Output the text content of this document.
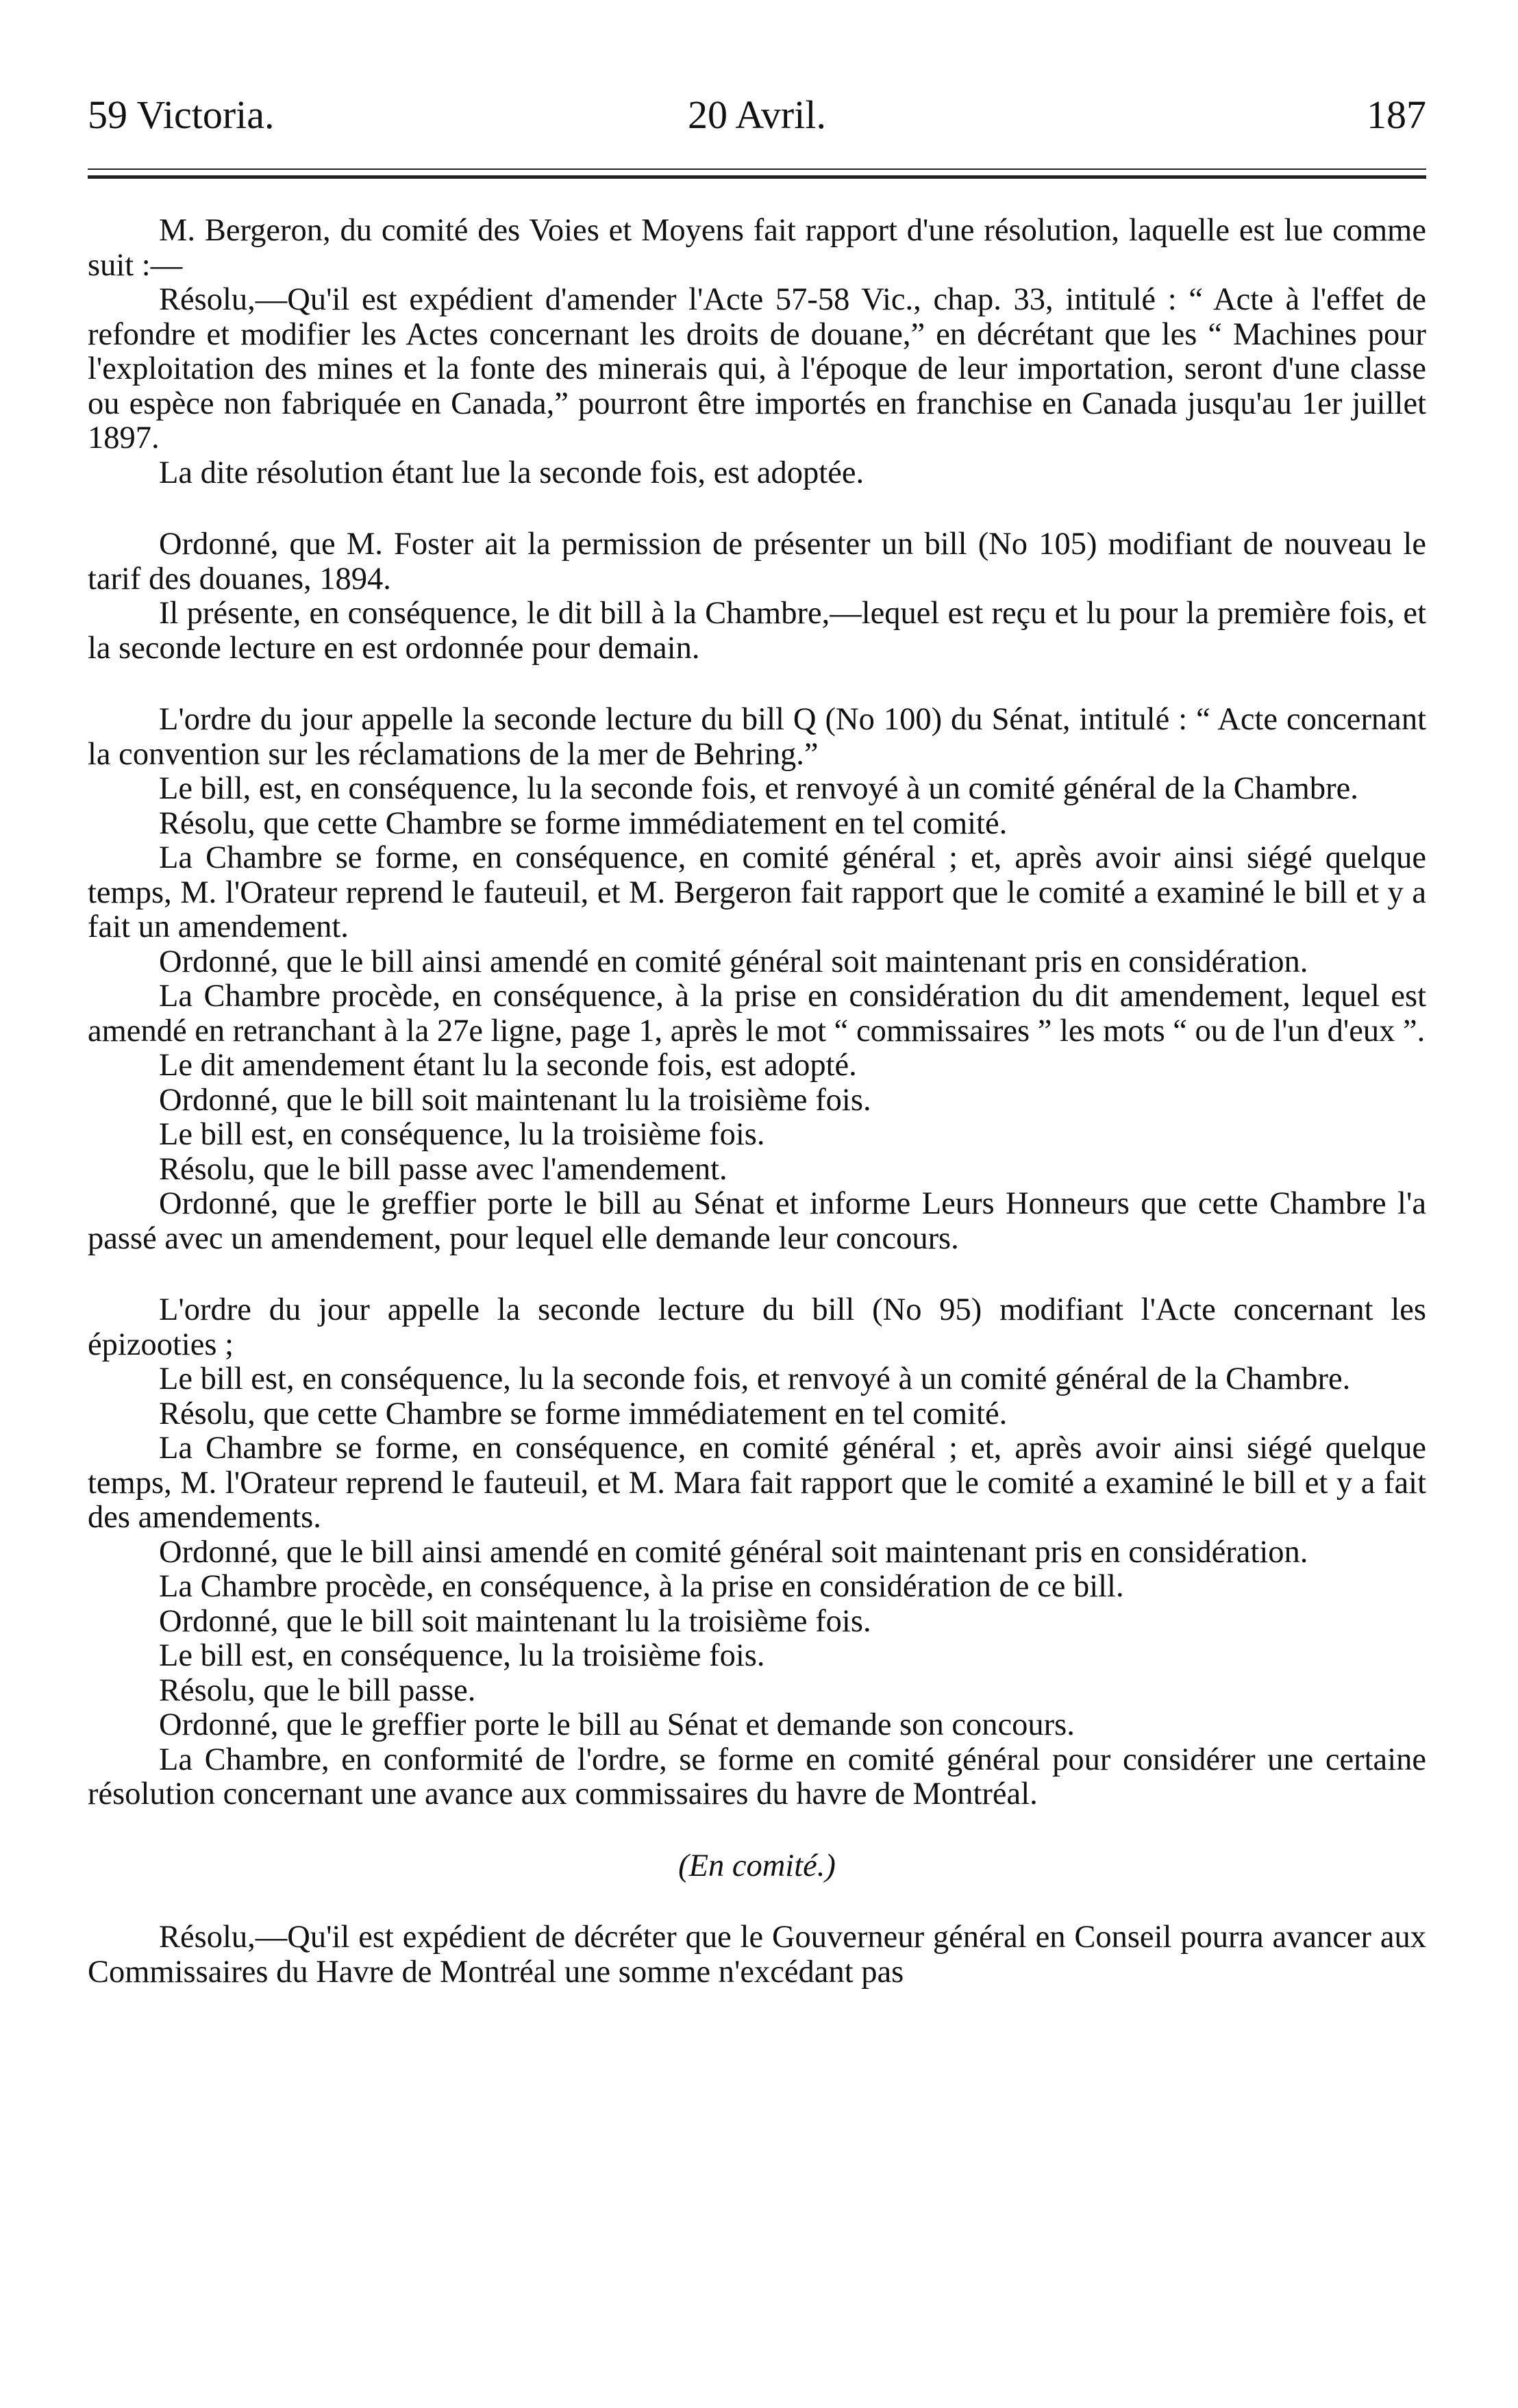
59 Victoria.	20 Avril.	187

M. Bergeron, du comité des Voies et Moyens fait rapport d'une résolution, laquelle est lue comme suit :—

Résolu,—Qu'il est expédient d'amender l'Acte 57-58 Vic., chap. 33, intitulé : “ Acte à l'effet de refondre et modifier les Actes concernant les droits de douane,” en décrétant que les “ Machines pour l'exploitation des mines et la fonte des minerais qui, à l'époque de leur importation, seront d'une classe ou espèce non fabriquée en Canada,” pourront être importés en franchise en Canada jusqu'au 1er juillet 1897.

La dite résolution étant lue la seconde fois, est adoptée.

Ordonné, que M. Foster ait la permission de présenter un bill (No 105) modifiant de nouveau le tarif des douanes, 1894.

Il présente, en conséquence, le dit bill à la Chambre,—lequel est reçu et lu pour la première fois, et la seconde lecture en est ordonnée pour demain.

L'ordre du jour appelle la seconde lecture du bill Q (No 100) du Sénat, intitulé : “ Acte concernant la convention sur les réclamations de la mer de Behring.”

Le bill, est, en conséquence, lu la seconde fois, et renvoyé à un comité général de la Chambre.

Résolu, que cette Chambre se forme immédiatement en tel comité.

La Chambre se forme, en conséquence, en comité général ; et, après avoir ainsi siégé quelque temps, M. l'Orateur reprend le fauteuil, et M. Bergeron fait rapport que le comité a examiné le bill et y a fait un amendement.

Ordonné, que le bill ainsi amendé en comité général soit maintenant pris en considération.

La Chambre procède, en conséquence, à la prise en considération du dit amendement, lequel est amendé en retranchant à la 27e ligne, page 1, après le mot “ commissaires ” les mots “ ou de l'un d'eux ”.

Le dit amendement étant lu la seconde fois, est adopté.

Ordonné, que le bill soit maintenant lu la troisième fois.

Le bill est, en conséquence, lu la troisième fois.

Résolu, que le bill passe avec l'amendement.

Ordonné, que le greffier porte le bill au Sénat et informe Leurs Honneurs que cette Chambre l'a passé avec un amendement, pour lequel elle demande leur concours.

L'ordre du jour appelle la seconde lecture du bill (No 95) modifiant l'Acte concernant les épizooties ;

Le bill est, en conséquence, lu la seconde fois, et renvoyé à un comité général de la Chambre.

Résolu, que cette Chambre se forme immédiatement en tel comité.

La Chambre se forme, en conséquence, en comité général ; et, après avoir ainsi siégé quelque temps, M. l'Orateur reprend le fauteuil, et M. Mara fait rapport que le comité a examiné le bill et y a fait des amendements.

Ordonné, que le bill ainsi amendé en comité général soit maintenant pris en considération.

La Chambre procède, en conséquence, à la prise en considération de ce bill.

Ordonné, que le bill soit maintenant lu la troisième fois.

Le bill est, en conséquence, lu la troisième fois.

Résolu, que le bill passe.

Ordonné, que le greffier porte le bill au Sénat et demande son concours.

La Chambre, en conformité de l'ordre, se forme en comité général pour considérer une certaine résolution concernant une avance aux commissaires du havre de Montréal.

(En comité.)

Résolu,—Qu'il est expédient de décréter que le Gouverneur général en Conseil pourra avancer aux Commissaires du Havre de Montréal une somme n'excédant pas
